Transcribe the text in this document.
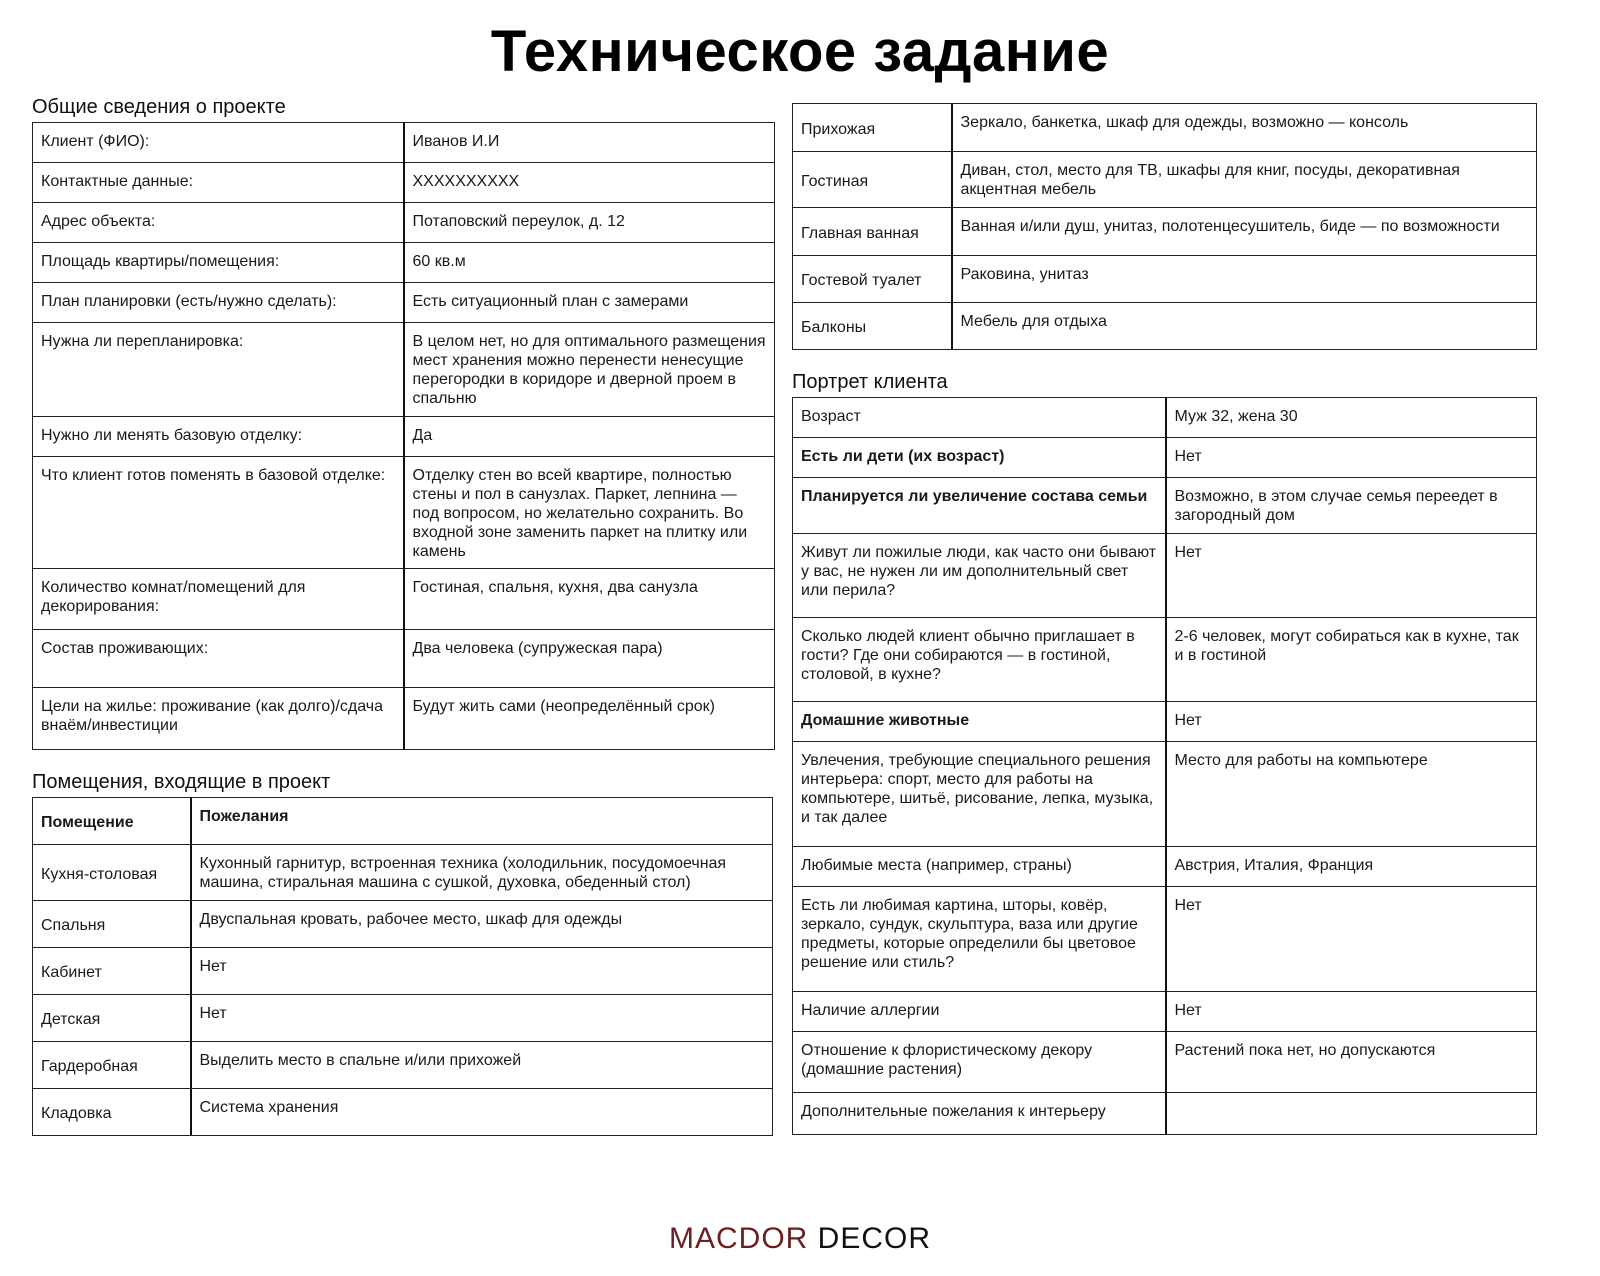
Техническое задание
Общие сведения о проекте
Клиент (ФИО):	Иванов И.И
Контактные данные:	XXXXXXXXXX
Адрес объекта:	Потаповский переулок, д. 12
Площадь квартиры/помещения:	60 кв.м
План планировки (есть/нужно сделать):	Есть ситуационный план с замерами
Нужна ли перепланировка:	В целом нет, но для оптимального размещения мест хранения можно перенести ненесущие перегородки в коридоре и дверной проем в спальню
Нужно ли менять базовую отделку:	Да
Что клиент готов поменять в базовой отделке:	Отделку стен во всей квартире, полностью стены и пол в санузлах. Паркет, лепнина — под вопросом, но желательно сохранить. Во входной зоне заменить паркет на плитку или камень
Количество комнат/помещений для декорирования:	Гостиная, спальня, кухня, два санузла
Состав проживающих:	Два человека (супружеская пара)
Цели на жилье: проживание (как долго)/сдача внаём/инвестиции	Будут жить сами (неопределённый срок)
Помещения, входящие в проект
Помещение	Пожелания
Кухня-столовая	Кухонный гарнитур, встроенная техника (холодильник, посудомоечная машина, стиральная машина с сушкой, духовка, обеденный стол)
Спальня	Двуспальная кровать, рабочее место, шкаф для одежды
Кабинет	Нет
Детская	Нет
Гардеробная	Выделить место в спальне и/или прихожей
Кладовка	Система хранения
Прихожая	Зеркало, банкетка, шкаф для одежды, возможно — консоль
Гостиная	Диван, стол, место для ТВ, шкафы для книг, посуды, декоративная акцентная мебель
Главная ванная	Ванная и/или душ, унитаз, полотенцесушитель, биде — по возможности
Гостевой туалет	Раковина, унитаз
Балконы	Мебель для отдыха
Портрет клиента
Возраст	Муж 32, жена 30
Есть ли дети (их возраст)	Нет
Планируется ли увеличение состава семьи	Возможно, в этом случае семья переедет в загородный дом
Живут ли пожилые люди, как часто они бывают у вас, не нужен ли им дополнительный свет или перила?	Нет
Сколько людей клиент обычно приглашает в гости? Где они собираются — в гостиной, столовой, в кухне?	2-6 человек, могут собираться как в кухне, так и в гостиной
Домашние животные	Нет
Увлечения, требующие специального решения интерьера: спорт, место для работы на компьютере, шитьё, рисование, лепка, музыка, и так далее	Место для работы на компьютере
Любимые места (например, страны)	Австрия, Италия, Франция
Есть ли любимая картина, шторы, ковёр, зеркало, сундук, скульптура, ваза или другие предметы, которые определили бы цветовое решение или стиль?	Нет
Наличие аллергии	Нет
Отношение к флористическому декору (домашние растения)	Растений пока нет, но допускаются
Дополнительные пожелания к интерьеру	
MACDOR DECOR
